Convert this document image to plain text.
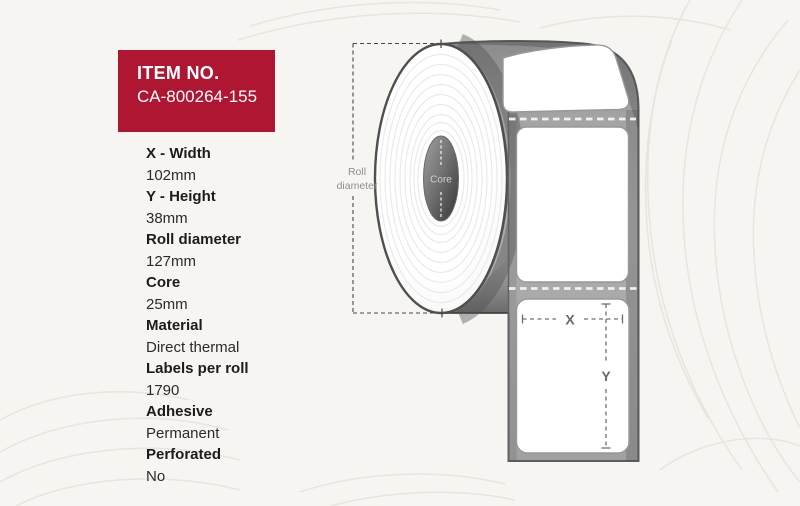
Core
X
Y
Roll
diameter
ITEM NO.
CA-800264-155
X - Width
102mm
Y - Height
38mm
Roll diameter
127mm
Core
25mm
Material
Direct thermal
Labels per roll
1790
Adhesive
Permanent
Perforated
No
